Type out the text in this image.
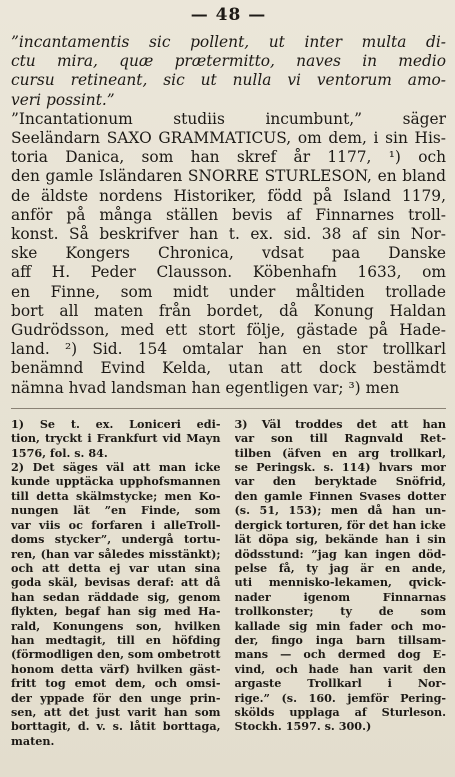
— 48 —
”incantamentis sic pollent, ut inter multa di-
ctu mira, quæ prætermitto, naves in medio
cursu retineant, sic ut nulla vi ventorum amo-
veri possint.”
”Incantationum studiis incumbunt,” säger
Seeländarn SAXO GRAMMATICUS, om dem, i sin His-
toria Danica, som han skref år 1177, ¹) och
den gamle Isländaren SNORRE STURLESON, en bland
de äldste nordens Historiker, född på Island 1179,
anför på många ställen bevis af Finnarnes troll-
konst. Så beskrifver han t. ex. sid. 38 af sin Nor-
ske Kongers Chronica, vdsat paa Danske
aff H. Peder Clausson. Köbenhafn 1633, om
en Finne, som midt under måltiden trollade
bort all maten från bordet, då Konung Haldan
Gudrödsson, med ett stort följe, gästade på Hade-
land. ²) Sid. 154 omtalar han en stor trollkarl
benämnd Evind Kelda, utan att dock bestämdt
nämna hvad landsman han egentligen var; ³) men
1) Se t. ex. Loniceri edi-
tion, tryckt i Frankfurt vid Mayn
1576, fol. s. 84.
2) Det säges väl att man icke
kunde upptäcka upphofsmannen
till detta skälmstycke; men Ko-
nungen lät ”en Finde, som
var viis oc forfaren i alleTroll-
doms stycker”, undergå tortu-
ren, (han var således misstänkt);
och att detta ej var utan sina
goda skäl, bevisas deraf: att då
han sedan räddade sig, genom
flykten, begaf han sig med Ha-
rald, Konungens son, hvilken
han medtagit, till en höfding
(förmodligen den, som ombetrott
honom detta värf) hvilken gäst-
fritt tog emot dem, och omsi-
der yppade för den unge prin-
sen, att det just varit han som
borttagit, d. v. s. låtit borttaga,
maten.
3) Väl troddes det att han
var son till Ragnvald Ret-
tilben (äfven en arg trollkarl,
se Peringsk. s. 114) hvars mor
var den beryktade Snöfrid,
den gamle Finnen Svases dotter
(s. 51, 153); men då han un-
dergick torturen, för det han icke
lät döpa sig, bekände han i sin
dödsstund: ”jag kan ingen död-
pelse få, ty jag är en ande,
uti mennisko-lekamen, qvick-
nader igenom Finnarnas
trollkonster; ty de som
kallade sig min fader och mo-
der, fingo inga barn tillsam-
mans — och dermed dog E-
vind, och hade han varit den
argaste Trollkarl i Nor-
rige.” (s. 160. jemför Pering-
skölds upplaga af Sturleson.
Stockh. 1597. s. 300.)
